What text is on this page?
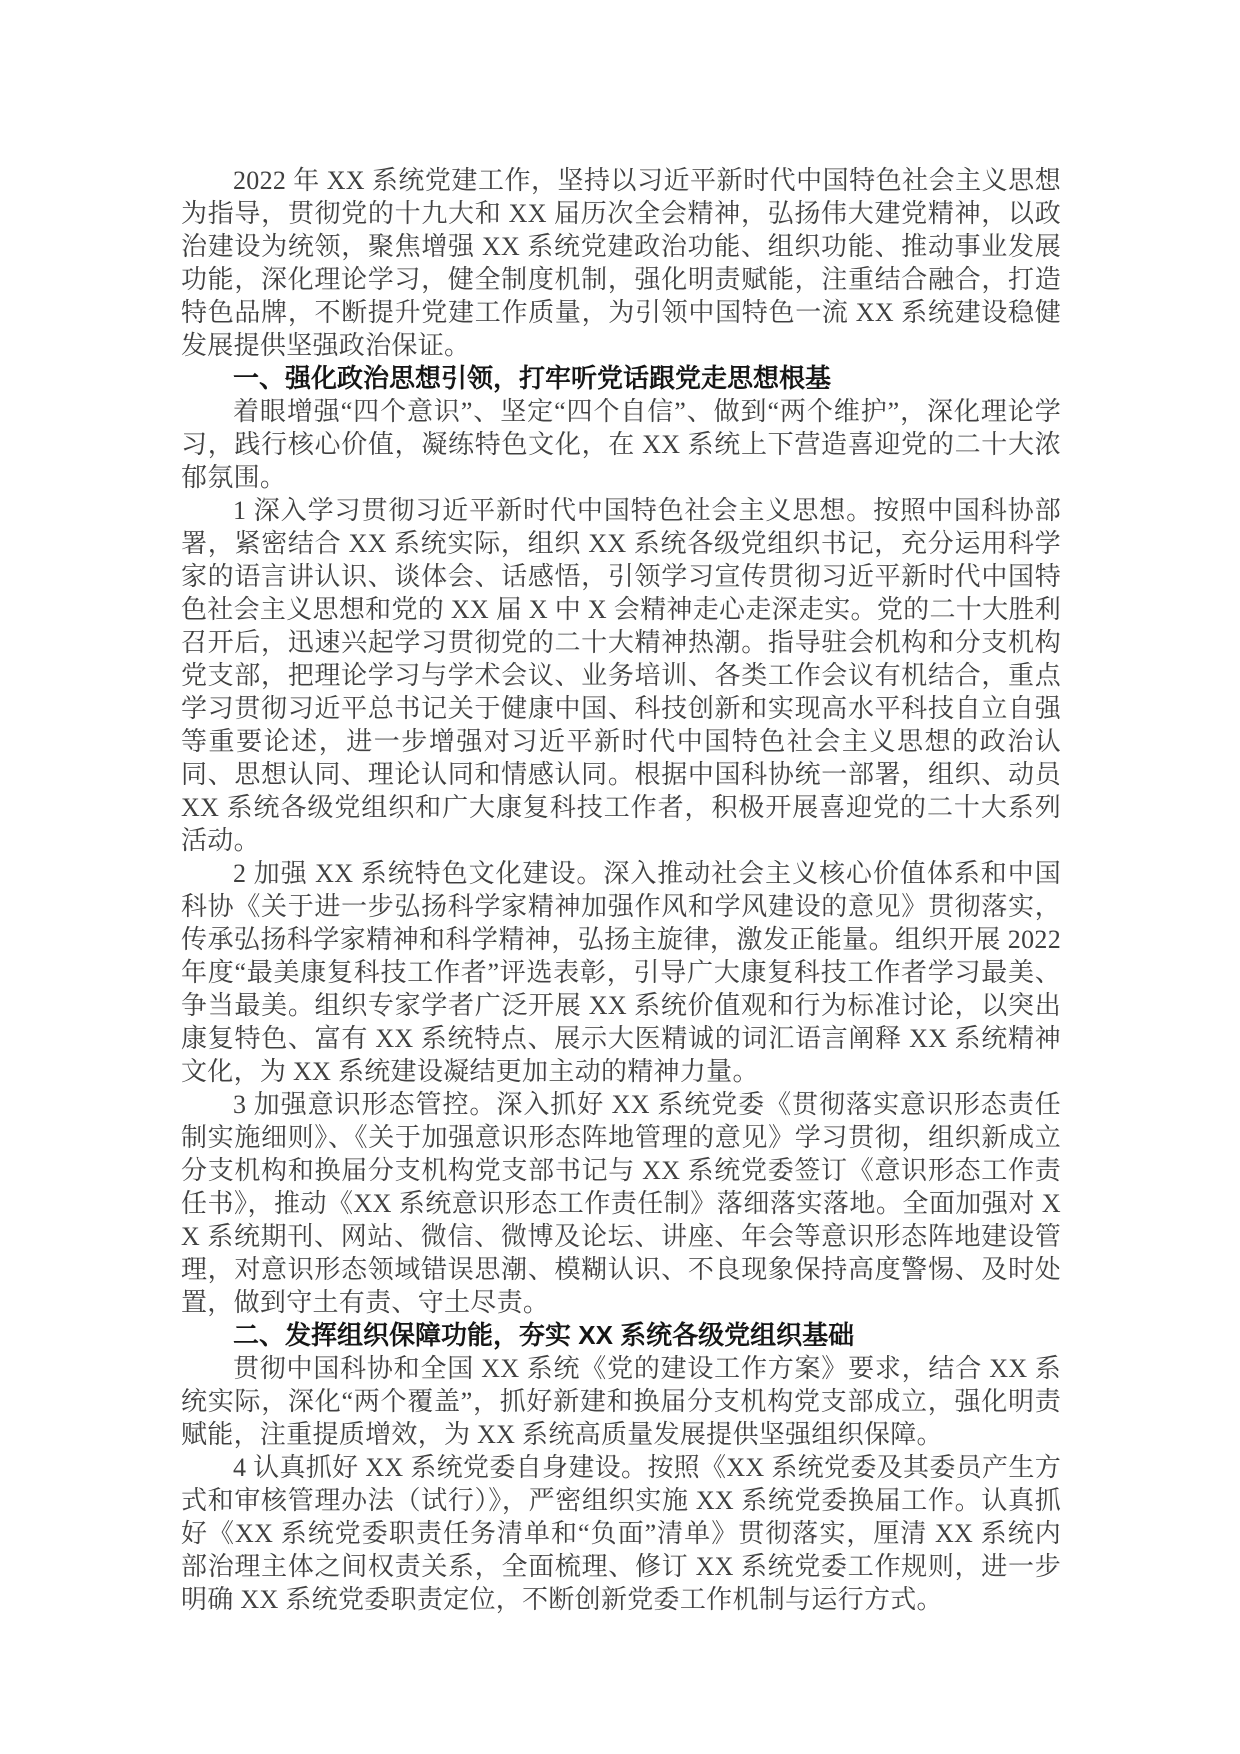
2022 年 XX 系统党建工作，坚持以习近平新时代中国特色社会主义思想为指导，贯彻党的十九大和 XX 届历次全会精神，弘扬伟大建党精神，以政治建设为统领，聚焦增强 XX 系统党建政治功能、组织功能、推动事业发展功能，深化理论学习，健全制度机制，强化明责赋能，注重结合融合，打造特色品牌，不断提升党建工作质量，为引领中国特色一流 XX 系统建设稳健发展提供坚强政治保证。

一、强化政治思想引领，打牢听党话跟党走思想根基

着眼增强“四个意识”、坚定“四个自信”、做到“两个维护”，深化理论学习，践行核心价值，凝练特色文化，在 XX 系统上下营造喜迎党的二十大浓郁氛围。

1 深入学习贯彻习近平新时代中国特色社会主义思想。按照中国科协部署，紧密结合 XX 系统实际，组织 XX 系统各级党组织书记，充分运用科学家的语言讲认识、谈体会、话感悟，引领学习宣传贯彻习近平新时代中国特色社会主义思想和党的 XX 届 X 中 X 会精神走心走深走实。党的二十大胜利召开后，迅速兴起学习贯彻党的二十大精神热潮。指导驻会机构和分支机构党支部，把理论学习与学术会议、业务培训、各类工作会议有机结合，重点学习贯彻习近平总书记关于健康中国、科技创新和实现高水平科技自立自强等重要论述，进一步增强对习近平新时代中国特色社会主义思想的政治认同、思想认同、理论认同和情感认同。根据中国科协统一部署，组织、动员 XX 系统各级党组织和广大康复科技工作者，积极开展喜迎党的二十大系列活动。

2 加强 XX 系统特色文化建设。深入推动社会主义核心价值体系和中国科协《关于进一步弘扬科学家精神加强作风和学风建设的意见》贯彻落实，传承弘扬科学家精神和科学精神，弘扬主旋律，激发正能量。组织开展 2022 年度“最美康复科技工作者”评选表彰，引导广大康复科技工作者学习最美、争当最美。组织专家学者广泛开展 XX 系统价值观和行为标准讨论，以突出康复特色、富有 XX 系统特点、展示大医精诚的词汇语言阐释 XX 系统精神文化，为 XX 系统建设凝结更加主动的精神力量。

3 加强意识形态管控。深入抓好 XX 系统党委《贯彻落实意识形态责任制实施细则》、《关于加强意识形态阵地管理的意见》学习贯彻，组织新成立分支机构和换届分支机构党支部书记与 XX 系统党委签订《意识形态工作责任书》，推动《XX 系统意识形态工作责任制》落细落实落地。全面加强对 XX 系统期刊、网站、微信、微博及论坛、讲座、年会等意识形态阵地建设管理，对意识形态领域错误思潮、模糊认识、不良现象保持高度警惕、及时处置，做到守土有责、守土尽责。

二、发挥组织保障功能，夯实 XX 系统各级党组织基础

贯彻中国科协和全国 XX 系统《党的建设工作方案》要求，结合 XX 系统实际，深化“两个覆盖”，抓好新建和换届分支机构党支部成立，强化明责赋能，注重提质增效，为 XX 系统高质量发展提供坚强组织保障。

4 认真抓好 XX 系统党委自身建设。按照《XX 系统党委及其委员产生方式和审核管理办法（试行）》，严密组织实施 XX 系统党委换届工作。认真抓好《XX 系统党委职责任务清单和“负面”清单》贯彻落实，厘清 XX 系统内部治理主体之间权责关系，全面梳理、修订 XX 系统党委工作规则，进一步明确 XX 系统党委职责定位，不断创新党委工作机制与运行方式。
